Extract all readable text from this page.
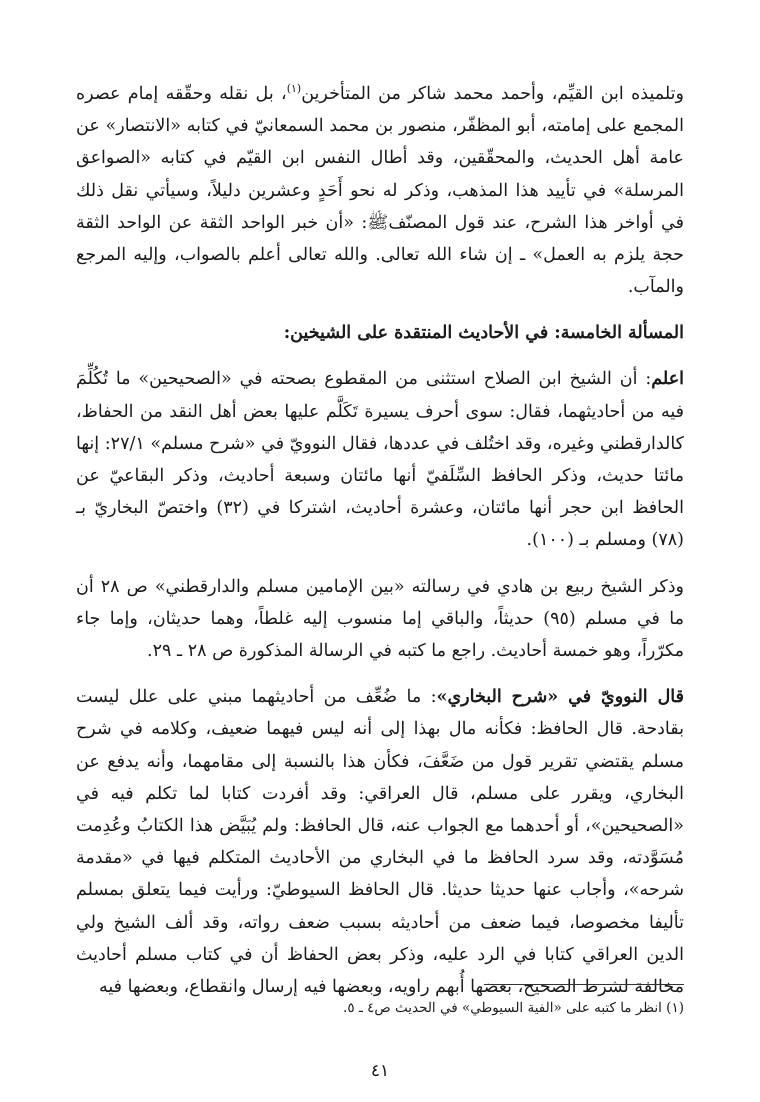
وتلميذه ابن القيِّم، وأحمد محمد شاكر من المتأخرين$^{(١)}$، بل نقله وحقّقه إمام عصره المجمع على إمامته، أبو المظفّر، منصور بن محمد السمعانيّ في كتابه «الانتصار» عن عامة أهل الحديث، والمحقّقين، وقد أطال النفس ابن القيّم في كتابه «الصواعق المرسلة» في تأييد هذا المذهب، وذكر له نحو أَحَدٍ وعشرين دليلاً، وسيأتي نقل ذلك في أواخر هذا الشرح، عند قول المصنّفﷺ: «أن خبر الواحد الثقة عن الواحد الثقة حجة يلزم به العمل» ـ إن شاء الله تعالى. والله تعالى أعلم بالصواب، وإليه المرجع والمآب.

المسألة الخامسة: في الأحاديث المنتقدة على الشيخين:

اعلم: أن الشيخ ابن الصلاح استثنى من المقطوع بصحته في «الصحيحين» ما تُكُلِّمَ فيه من أحاديثهما، فقال: سوى أحرف يسيرة تَكَلَّم عليها بعض أهل النقد من الحفاظ، كالدارقطني وغيره، وقد اختُلف في عددها، فقال النوويّ في «شرح مسلم» ٢٧/١: إنها مائتا حديث، وذكر الحافظ السِّلَفيّ أنها مائتان وسبعة أحاديث، وذكر البقاعيّ عن الحافظ ابن حجر أنها مائتان، وعشرة أحاديث، اشتركا في (٣٢) واختصّ البخاريّ بـ (٧٨) ومسلم بـ (١٠٠).

وذكر الشيخ ربيع بن هادي في رسالته «بين الإمامين مسلم والدارقطني» ص ٢٨ أن ما في مسلم (٩٥) حديثاً، والباقي إما منسوب إليه غلطاً، وهما حديثان، وإما جاء مكرّراً، وهو خمسة أحاديث. راجع ما كتبه في الرسالة المذكورة ص ٢٨ ـ ٢٩.

قال النوويّ في «شرح البخاري»: ما ضُعِّف من أحاديثهما مبني على علل ليست بقادحة. قال الحافظ: فكأنه مال بهذا إلى أنه ليس فيهما ضعيف، وكلامه في شرح مسلم يقتضي تقرير قول من ضَعَّفَ، فكأن هذا بالنسبة إلى مقامهما، وأنه يدفع عن البخاري، ويقرر على مسلم، قال العراقي: وقد أفردت كتابا لما تكلم فيه في «الصحيحين»، أو أحدهما مع الجواب عنه، قال الحافظ: ولم يُبَيَّض هذا الكتابُ وعُدِمت مُسَوَّدته، وقد سرد الحافظ ما في البخاري من الأحاديث المتكلم فيها في «مقدمة شرحه»، وأجاب عنها حديثا حديثا. قال الحافظ السيوطيّ: ورأيت فيما يتعلق بمسلم تأليفا مخصوصا، فيما ضعف من أحاديثه بسبب ضعف رواته، وقد ألف الشيخ ولي الدين العراقي كتابا في الرد عليه، وذكر بعض الحفاظ أن في كتاب مسلم أحاديث مخالفة لشرط الصحيح، بعضها أُبهم راويه، وبعضها فيه إرسال وانقطاع، وبعضها فيه

(١) انظر ما كتبه على «الفية السيوطي» في الحديث ص٤ ـ ٥.
٤١
